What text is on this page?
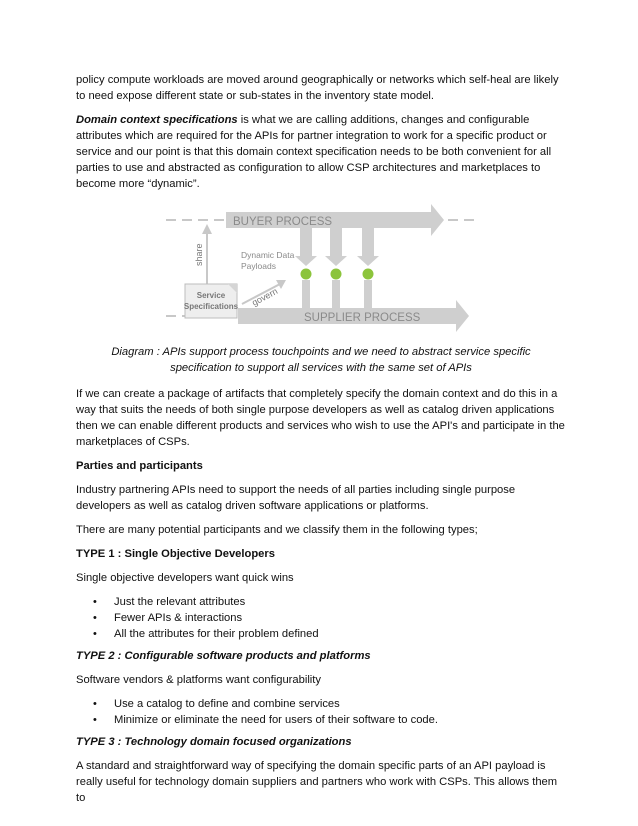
policy compute workloads are moved around geographically or networks which self-heal are likely to need expose different state or sub-states in the inventory state model.

Domain context specifications is what we are calling additions, changes and configurable attributes which are required for the APIs for partner integration to work for a specific product or service and our point is that this domain context specification needs to be both convenient for all parties to use and abstracted as configuration to allow CSP architectures and marketplaces to become more “dynamic”.

BUYER PROCESS
SUPPLIER PROCESS
share	Dynamic Data
Payloads
Service
Specifications govern

Diagram : APIs support process touchpoints and we need to abstract service specific specification to support all services with the same set of APIs

If we can create a package of artifacts that completely specify the domain context and do this in a way that suits the needs of both single purpose developers as well as catalog driven applications then we can enable different products and services who wish to use the API's and participate in the marketplaces of CSPs.

Parties and participants

Industry partnering APIs need to support the needs of all parties including single purpose developers as well as catalog driven software applications or platforms.

There are many potential participants and we classify them in the following types;

TYPE 1 : Single Objective Developers

Single objective developers want quick wins

• Just the relevant attributes
• Fewer APIs & interactions
• All the attributes for their problem defined

TYPE 2 : Configurable software products and platforms

Software vendors & platforms want configurability

• Use a catalog to define and combine services
• Minimize or eliminate the need for users of their software to code.

TYPE 3 : Technology domain focused organizations

A standard and straightforward way of specifying the domain specific parts of an API payload is really useful for technology domain suppliers and partners who work with CSPs. This allows them to
